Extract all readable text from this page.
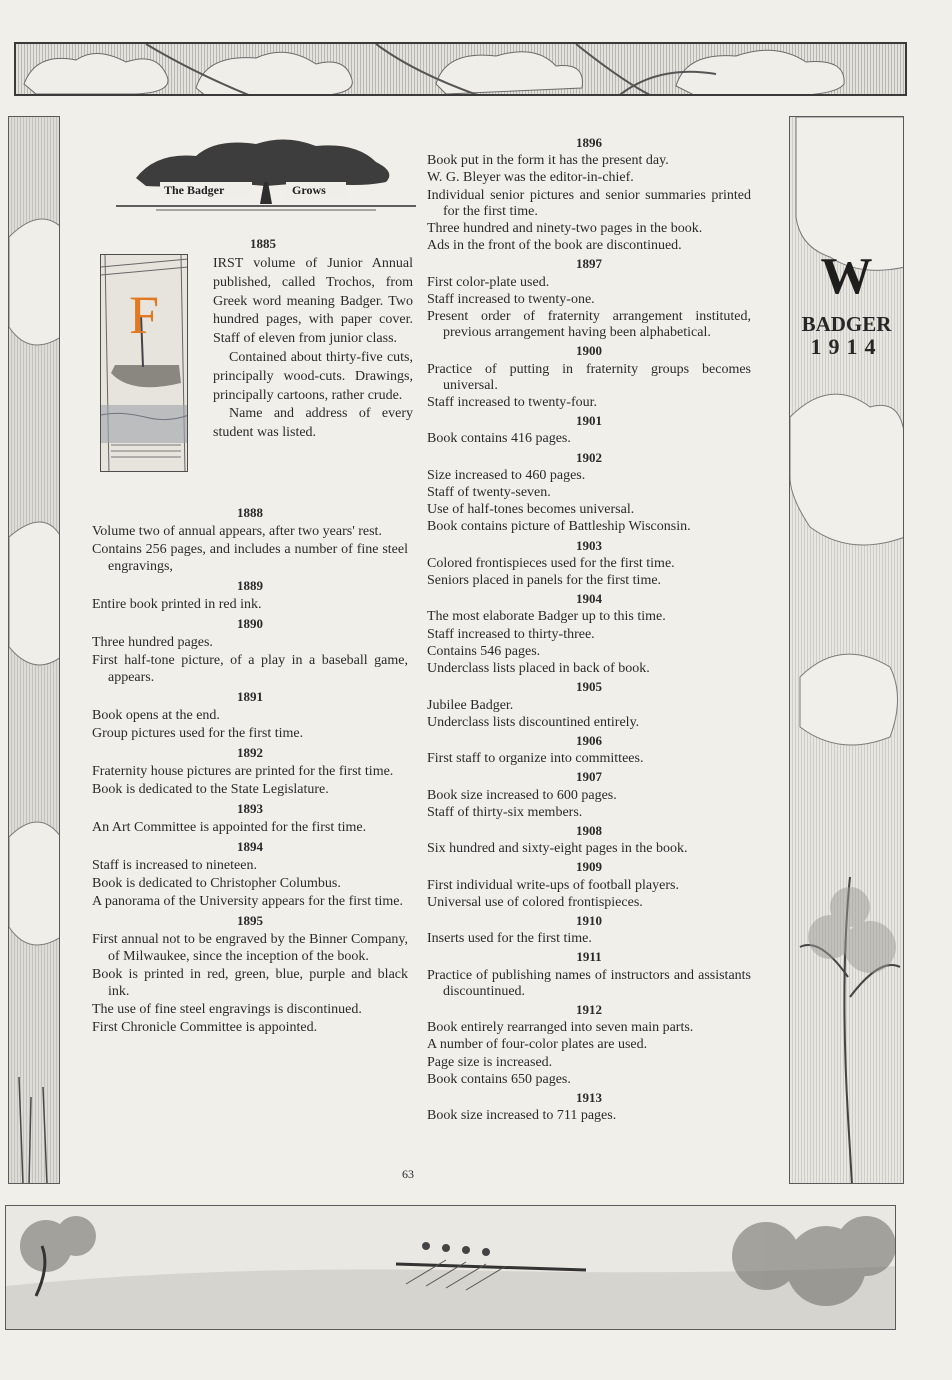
W
BADGER
1914
The Badger	Grows
1885
F

IRST volume of Junior Annual published, called Trochos, from Greek word meaning Badger. Two hundred pages, with paper cover. Staff of eleven from junior class.

Contained about thirty-five cuts, principally wood-cuts. Drawings, principally cartoons, rather crude.

Name and address of every student was listed.

1888

Volume two of annual appears, after two years' rest.

Contains 256 pages, and includes a number of fine steel engravings,

1889

Entire book printed in red ink.

1890

Three hundred pages.

First half-tone picture, of a play in a baseball game, appears.

1891

Book opens at the end.

Group pictures used for the first time.

1892

Fraternity house pictures are printed for the first time.

Book is dedicated to the State Legislature.

1893

An Art Committee is appointed for the first time.

1894

Staff is increased to nineteen.

Book is dedicated to Christopher Columbus.

A panorama of the University appears for the first time.

1895

First annual not to be engraved by the Binner Company, of Milwaukee, since the inception of the book.

Book is printed in red, green, blue, purple and black ink.

The use of fine steel engravings is discontinued.

First Chronicle Committee is appointed.

1896

Book put in the form it has the present day.

W. G. Bleyer was the editor-in-chief.

Individual senior pictures and senior summaries printed for the first time.

Three hundred and ninety-two pages in the book.

Ads in the front of the book are discontinued.

1897

First color-plate used.

Staff increased to twenty-one.

Present order of fraternity arrangement instituted, previous arrangement having been alphabetical.

1900

Practice of putting in fraternity groups becomes universal.

Staff increased to twenty-four.

1901

Book contains 416 pages.

1902

Size increased to 460 pages.

Staff of twenty-seven.

Use of half-tones becomes universal.

Book contains picture of Battleship Wisconsin.

1903

Colored frontispieces used for the first time.

Seniors placed in panels for the first time.

1904

The most elaborate Badger up to this time.

Staff increased to thirty-three.

Contains 546 pages.

Underclass lists placed in back of book.

1905

Jubilee Badger.

Underclass lists discountined entirely.

1906

First staff to organize into committees.

1907

Book size increased to 600 pages.

Staff of thirty-six members.

1908

Six hundred and sixty-eight pages in the book.

1909

First individual write-ups of football players.

Universal use of colored frontispieces.

1910

Inserts used for the first time.

1911

Practice of publishing names of instructors and assistants discountinued.

1912

Book entirely rearranged into seven main parts.

A number of four-color plates are used.

Page size is increased.

Book contains 650 pages.

1913

Book size increased to 711 pages.

63
